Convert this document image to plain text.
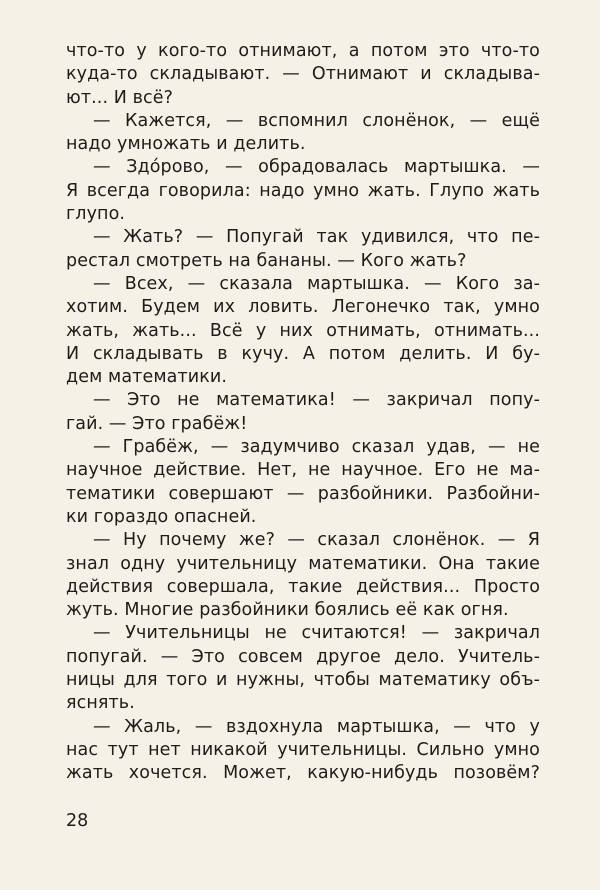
что-то у кого-то отнимают, а потом это что-то
куда-то складывают. — Отнимают и складыва-
ют... И всё?
— Кажется, — вспомнил слонёнок, — ещё
надо умножать и делить.
— Здо́рово, — обрадовалась мартышка. —
Я всегда говорила: надо умно жать. Глупо жать
глупо.
— Жать? — Попугай так удивился, что пе-
рестал смотреть на бананы. — Кого жать?
— Всех, — сказала мартышка. — Кого за-
хотим. Будем их ловить. Легонечко так, умно
жать, жать... Всё у них отнимать, отнимать...
И складывать в кучу. А потом делить. И бу-
дем математики.
— Это не математика! — закричал попу-
гай. — Это грабёж!
— Грабёж, — задумчиво сказал удав, — не
научное действие. Нет, не научное. Его не ма-
тематики совершают — разбойники. Разбойни-
ки гораздо опасней.
— Ну почему же? — сказал слонёнок. — Я
знал одну учительницу математики. Она такие
действия совершала, такие действия... Просто
жуть. Многие разбойники боялись её как огня.
— Учительницы не считаются! — закричал
попугай. — Это совсем другое дело. Учитель-
ницы для того и нужны, чтобы математику объ-
яснять.
— Жаль, — вздохнула мартышка, — что у
нас тут нет никакой учительницы. Сильно умно
жать хочется. Может, какую-нибудь позовём?
28
